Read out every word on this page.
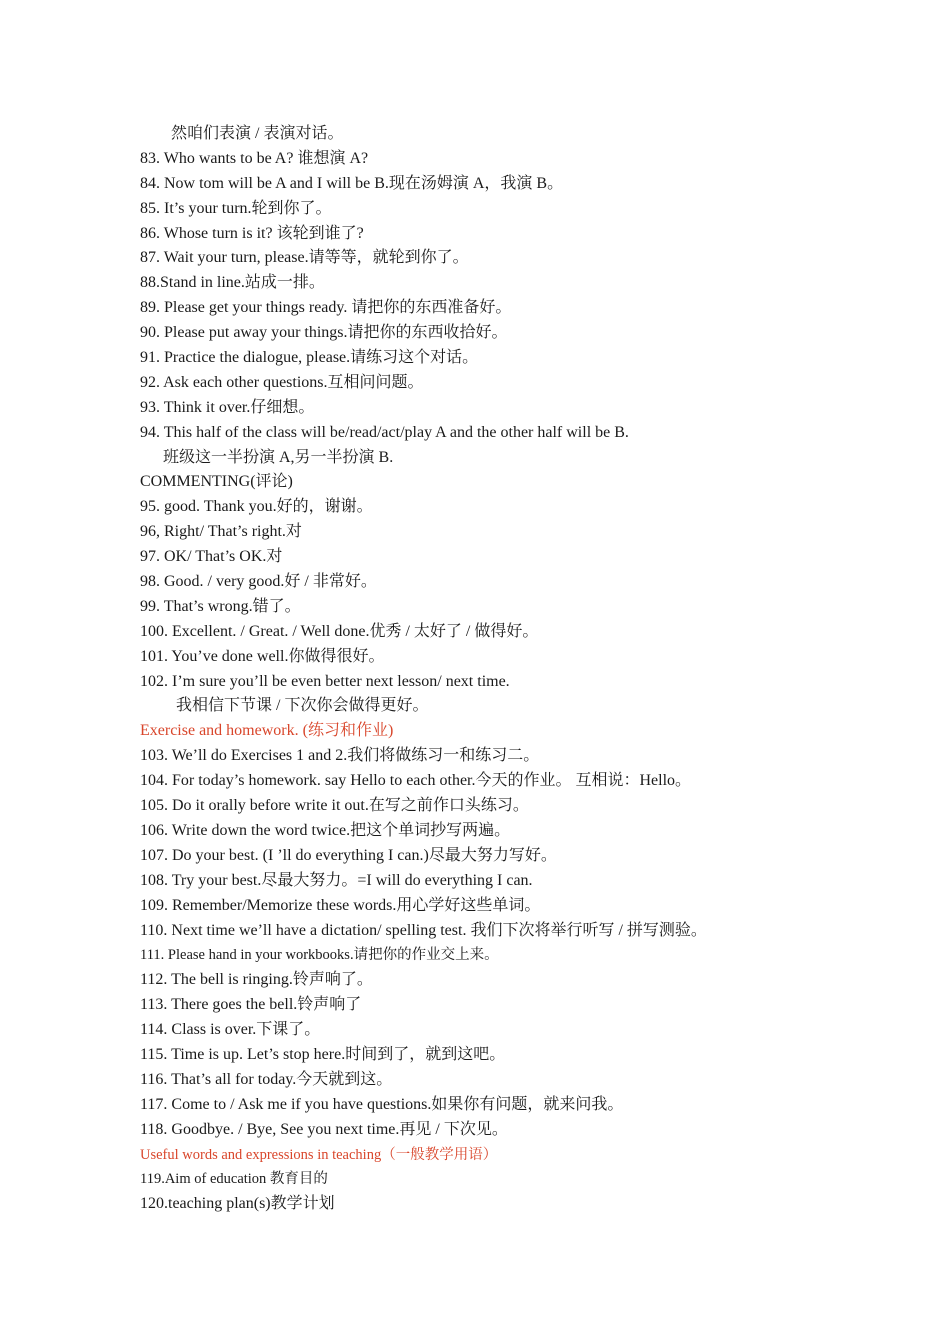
然咱们表演 / 表演对话。
83. Who wants to be A? 谁想演 A?
84. Now tom will be A and I will be B.现在汤姆演 A，我演 B。
85. It’s your turn.轮到你了。
86. Whose turn is it? 该轮到谁了?
87. Wait your turn, please.请等等，就轮到你了。
88.Stand in line.站成一排。
89. Please get your things ready. 请把你的东西准备好。
90. Please put away your things.请把你的东西收拾好。
91. Practice the dialogue, please.请练习这个对话。
92. Ask each other questions.互相问问题。
93. Think it over.仔细想。
94. This half of the class will be/read/act/play A and the other half will be B.
班级这一半扮演 A,另一半扮演 B.
COMMENTING(评论)
95. good. Thank you.好的，谢谢。
96, Right/ That’s right.对
97. OK/ That’s OK.对
98. Good. / very good.好 / 非常好。
99. That’s wrong.错了。
100. Excellent. / Great. / Well done.优秀 / 太好了 / 做得好。
101. You’ve done well.你做得很好。
102. I’m sure you’ll be even better next lesson/ next time.
我相信下节课 / 下次你会做得更好。
Exercise and homework. (练习和作业)
103. We’ll do Exercises 1 and 2.我们将做练习一和练习二。
104. For today’s homework. say Hello to each other.今天的作业。 互相说：Hello。
105. Do it orally before write it out.在写之前作口头练习。
106. Write down the word twice.把这个单词抄写两遍。
107. Do your best. (I ’ll do everything I can.)尽最大努力写好。
108. Try your best.尽最大努力。=I will do everything I can.
109. Remember/Memorize these words.用心学好这些单词。
110. Next time we’ll have a dictation/ spelling test. 我们下次将举行听写 / 拼写测验。
111. Please hand in your workbooks.请把你的作业交上来。
112. The bell is ringing.铃声响了。
113. There goes the bell.铃声响了
114. Class is over.下课了。
115. Time is up. Let’s stop here.时间到了，就到这吧。
116. That’s all for today.今天就到这。
117. Come to / Ask me if you have questions.如果你有问题，就来问我。
118. Goodbye. / Bye, See you next time.再见 / 下次见。
Useful words and expressions in teaching（一般教学用语）
119.Aim of education 教育目的
120.teaching plan(s)教学计划
